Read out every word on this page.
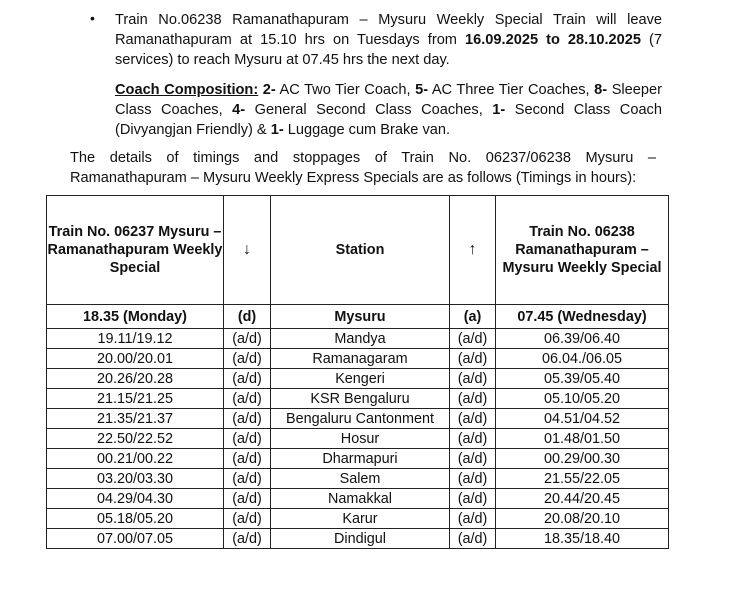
• Train No.06238 Ramanathapuram – Mysuru Weekly Special Train will leave Ramanathapuram at 15.10 hrs on Tuesdays from 16.09.2025 to 28.10.2025 (7 services) to reach Mysuru at 07.45 hrs the next day.
Coach Composition: 2- AC Two Tier Coach, 5- AC Three Tier Coaches, 8- Sleeper Class Coaches, 4- General Second Class Coaches, 1- Second Class Coach (Divyangjan Friendly) & 1- Luggage cum Brake van.
The details of timings and stoppages of Train No. 06237/06238 Mysuru – Ramanathapuram – Mysuru Weekly Express Specials are as follows (Timings in hours):
Train No. 06237 Mysuru – Ramanathapuram Weekly Special	↓	Station	↑	Train No. 06238 Ramanathapuram – Mysuru Weekly Special
18.35 (Monday)	(d)	Mysuru	(a)	07.45 (Wednesday)
19.11/19.12	(a/d)	Mandya	(a/d)	06.39/06.40
20.00/20.01	(a/d)	Ramanagaram	(a/d)	06.04./06.05
20.26/20.28	(a/d)	Kengeri	(a/d)	05.39/05.40
21.15/21.25	(a/d)	KSR Bengaluru	(a/d)	05.10/05.20
21.35/21.37	(a/d)	Bengaluru Cantonment	(a/d)	04.51/04.52
22.50/22.52	(a/d)	Hosur	(a/d)	01.48/01.50
00.21/00.22	(a/d)	Dharmapuri	(a/d)	00.29/00.30
03.20/03.30	(a/d)	Salem	(a/d)	21.55/22.05
04.29/04.30	(a/d)	Namakkal	(a/d)	20.44/20.45
05.18/05.20	(a/d)	Karur	(a/d)	20.08/20.10
07.00/07.05	(a/d)	Dindigul	(a/d)	18.35/18.40
